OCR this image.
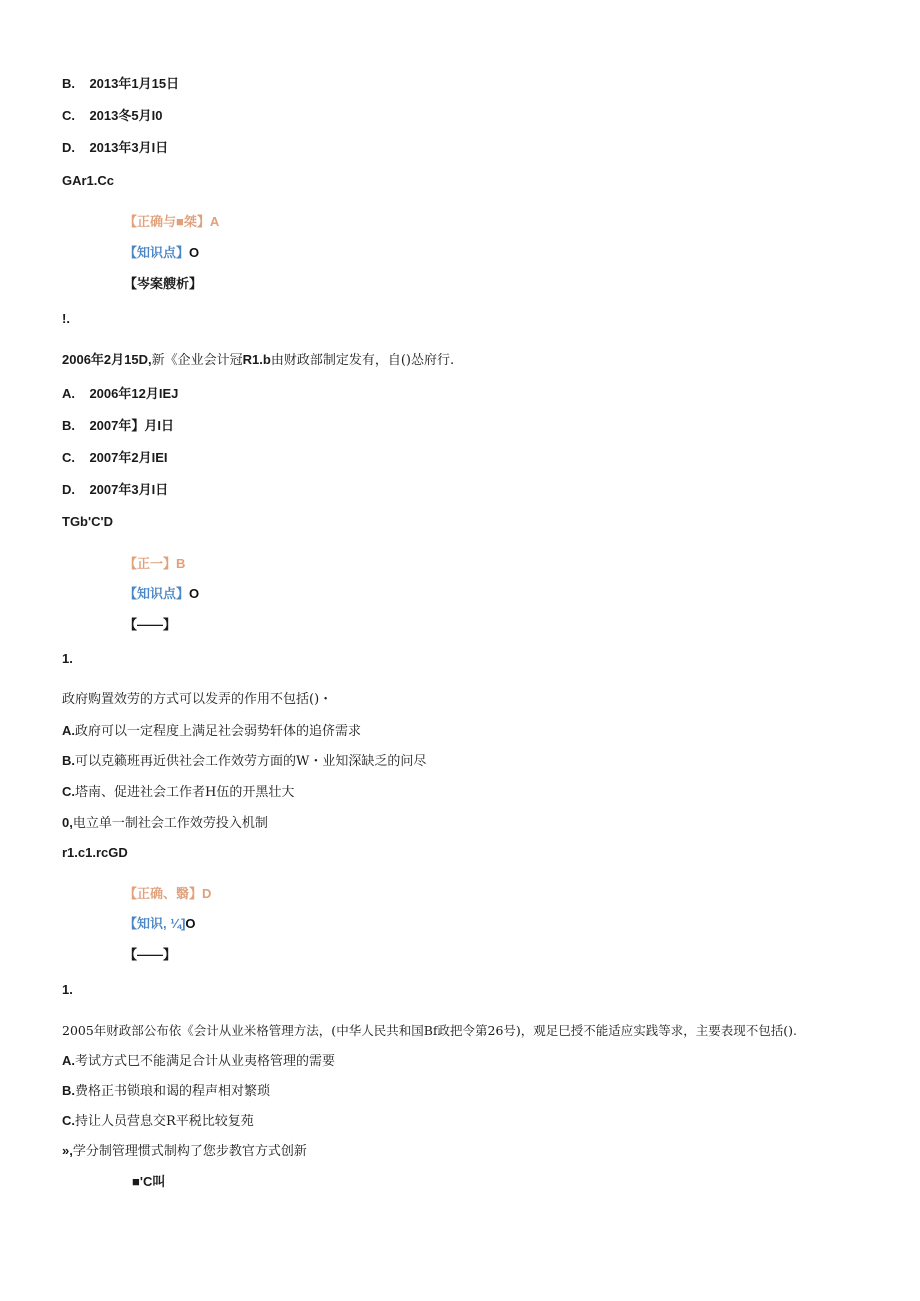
B. 2013年1月15日
C. 2013冬5月I0
D. 2013年3月I日
GAr1.Cc
【正确与■桀】A
【知识点】O
【岑案艘析】
!.
2006年2月15D,新《企业会计冠R1.b由财政部制定发有，自()怂府行.
A. 2006年12月IEJ
B. 2007年】月I日
C. 2007年2月IEI
D. 2007年3月I日
TGb'C'D
【正一】B
【知识点】O
【——】
1.
政府购置效劳的方式可以发弄的作用不包括()・
A.政府可以一定程度上满足社会弱势轩体的追侪需求
B.可以克籁班再近供社会工作效劳方面的W・业知深缺乏的问尽
C.塔南、促进社会工作者H伍的开黑壮大
0,电立单一制社会工作效劳投入机制
r1.c1.rcGD
【正确、翳】D
【知识, ¼]O
【——】
1.
2005年财政部公布依《会计从业米格管理方法，(中华人民共和国Bf政把令第26号)，观足巳授不能适应实践等求，主要表现不包括().
A.考试方式巳不能满足合计从业夷格管理的需要
B.费格正书锁琅和谒的程声相对繁琐
C.持让人员营息交R平税比较复苑
»,学分制管理惯式制构了您步教官方式创新
■'C叫
